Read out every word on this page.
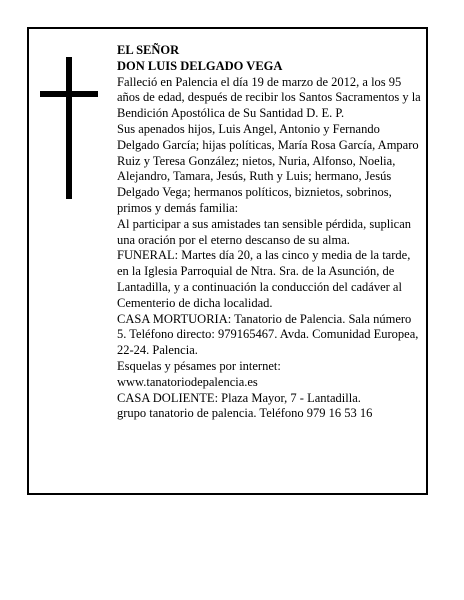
EL SEÑOR

DON LUIS DELGADO VEGA

Falleció en Palencia el día 19 de marzo de 2012, a los 95 años de edad, después de recibir los Santos Sacramentos y la Bendición Apostólica de Su Santidad D. E. P.

Sus apenados hijos, Luis Angel, Antonio y Fernando Delgado García; hijas políticas, María Rosa García, Amparo Ruiz y Teresa González; nietos, Nuria, Alfonso, Noelia, Alejandro, Tamara, Jesús, Ruth y Luis; hermano, Jesús Delgado Vega; hermanos políticos, biznietos, sobrinos, primos y demás familia:

Al participar a sus amistades tan sensible pérdida, suplican una oración por el eterno descanso de su alma.

FUNERAL: Martes día 20, a las cinco y media de la tarde, en la Iglesia Parroquial de Ntra. Sra. de la Asunción, de Lantadilla, y a continuación la conducción del cadáver al Cementerio de dicha localidad.

CASA MORTUORIA: Tanatorio de Palencia. Sala número 5. Teléfono directo: 979165467. Avda. Comunidad Europea, 22-24. Palencia.

Esquelas y pésames por internet: www.tanatoriodepalencia.es

CASA DOLIENTE: Plaza Mayor, 7 - Lantadilla.

grupo tanatorio de palencia. Teléfono 979 16 53 16
